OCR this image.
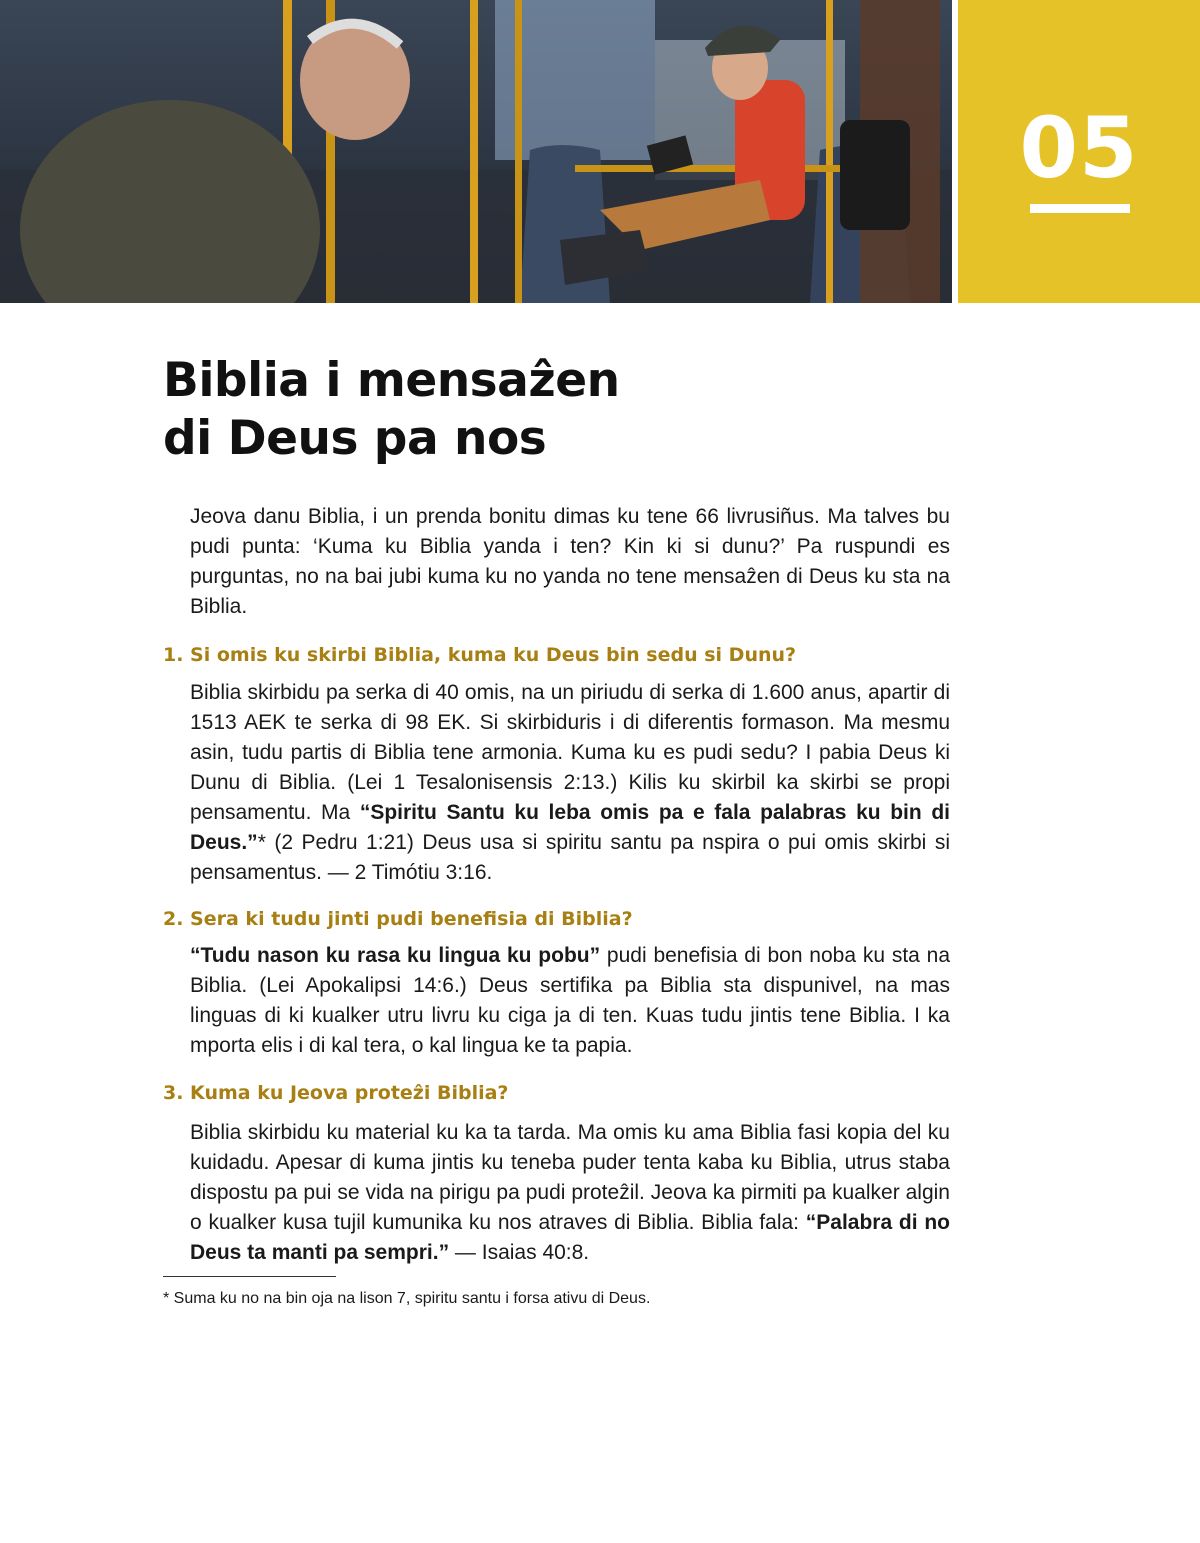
05
Biblia i mensaẑen
di Deus pa nos

Jeova danu Biblia, i un prenda bonitu dimas ku tene 66 livrusiñus. Ma talves bu pudi punta: ‘Kuma ku Biblia yanda i ten? Kin ki si dunu?’ Pa ruspundi es purguntas, no na bai jubi kuma ku no yanda no tene mensaẑen di Deus ku sta na Biblia.

1. Si omis ku skirbi Biblia, kuma ku Deus bin sedu si Dunu?

Biblia skirbidu pa serka di 40 omis, na un piriudu di serka di 1.600 anus, apartir di 1513 AEK te serka di 98 EK. Si skirbiduris i di diferentis formason. Ma mesmu asin, tudu partis di Biblia tene armonia. Kuma ku es pudi sedu? I pabia Deus ki Dunu di Biblia. (Lei 1 Tesalonisensis 2:13.) Kilis ku skirbil ka skirbi se propi pensamentu. Ma “Spiritu Santu ku leba omis pa e fala palabras ku bin di Deus.”* (2 Pedru 1:21) Deus usa si spiritu santu pa nspira o pui omis skirbi si pensamentus. — 2 Timótiu 3:16.

2. Sera ki tudu jinti pudi benefisia di Biblia?

“Tudu nason ku rasa ku lingua ku pobu” pudi benefisia di bon noba ku sta na Biblia. (Lei Apokalipsi 14:6.) Deus sertifika pa Biblia sta dispunivel, na mas linguas di ki kualker utru livru ku ciga ja di ten. Kuas tudu jintis tene Biblia. I ka mporta elis i di kal tera, o kal lingua ke ta papia.

3. Kuma ku Jeova proteẑi Biblia?

Biblia skirbidu ku material ku ka ta tarda. Ma omis ku ama Biblia fasi kopia del ku kuidadu. Apesar di kuma jintis ku teneba puder tenta kaba ku Biblia, utrus staba dispostu pa pui se vida na pirigu pa pudi proteẑil. Jeova ka pirmiti pa kualker algin o kualker kusa tujil kumunika ku nos atraves di Biblia. Biblia fala: “Palabra di no Deus ta manti pa sempri.” — Isaias 40:8.

* Suma ku no na bin oja na lison 7, spiritu santu i forsa ativu di Deus.
